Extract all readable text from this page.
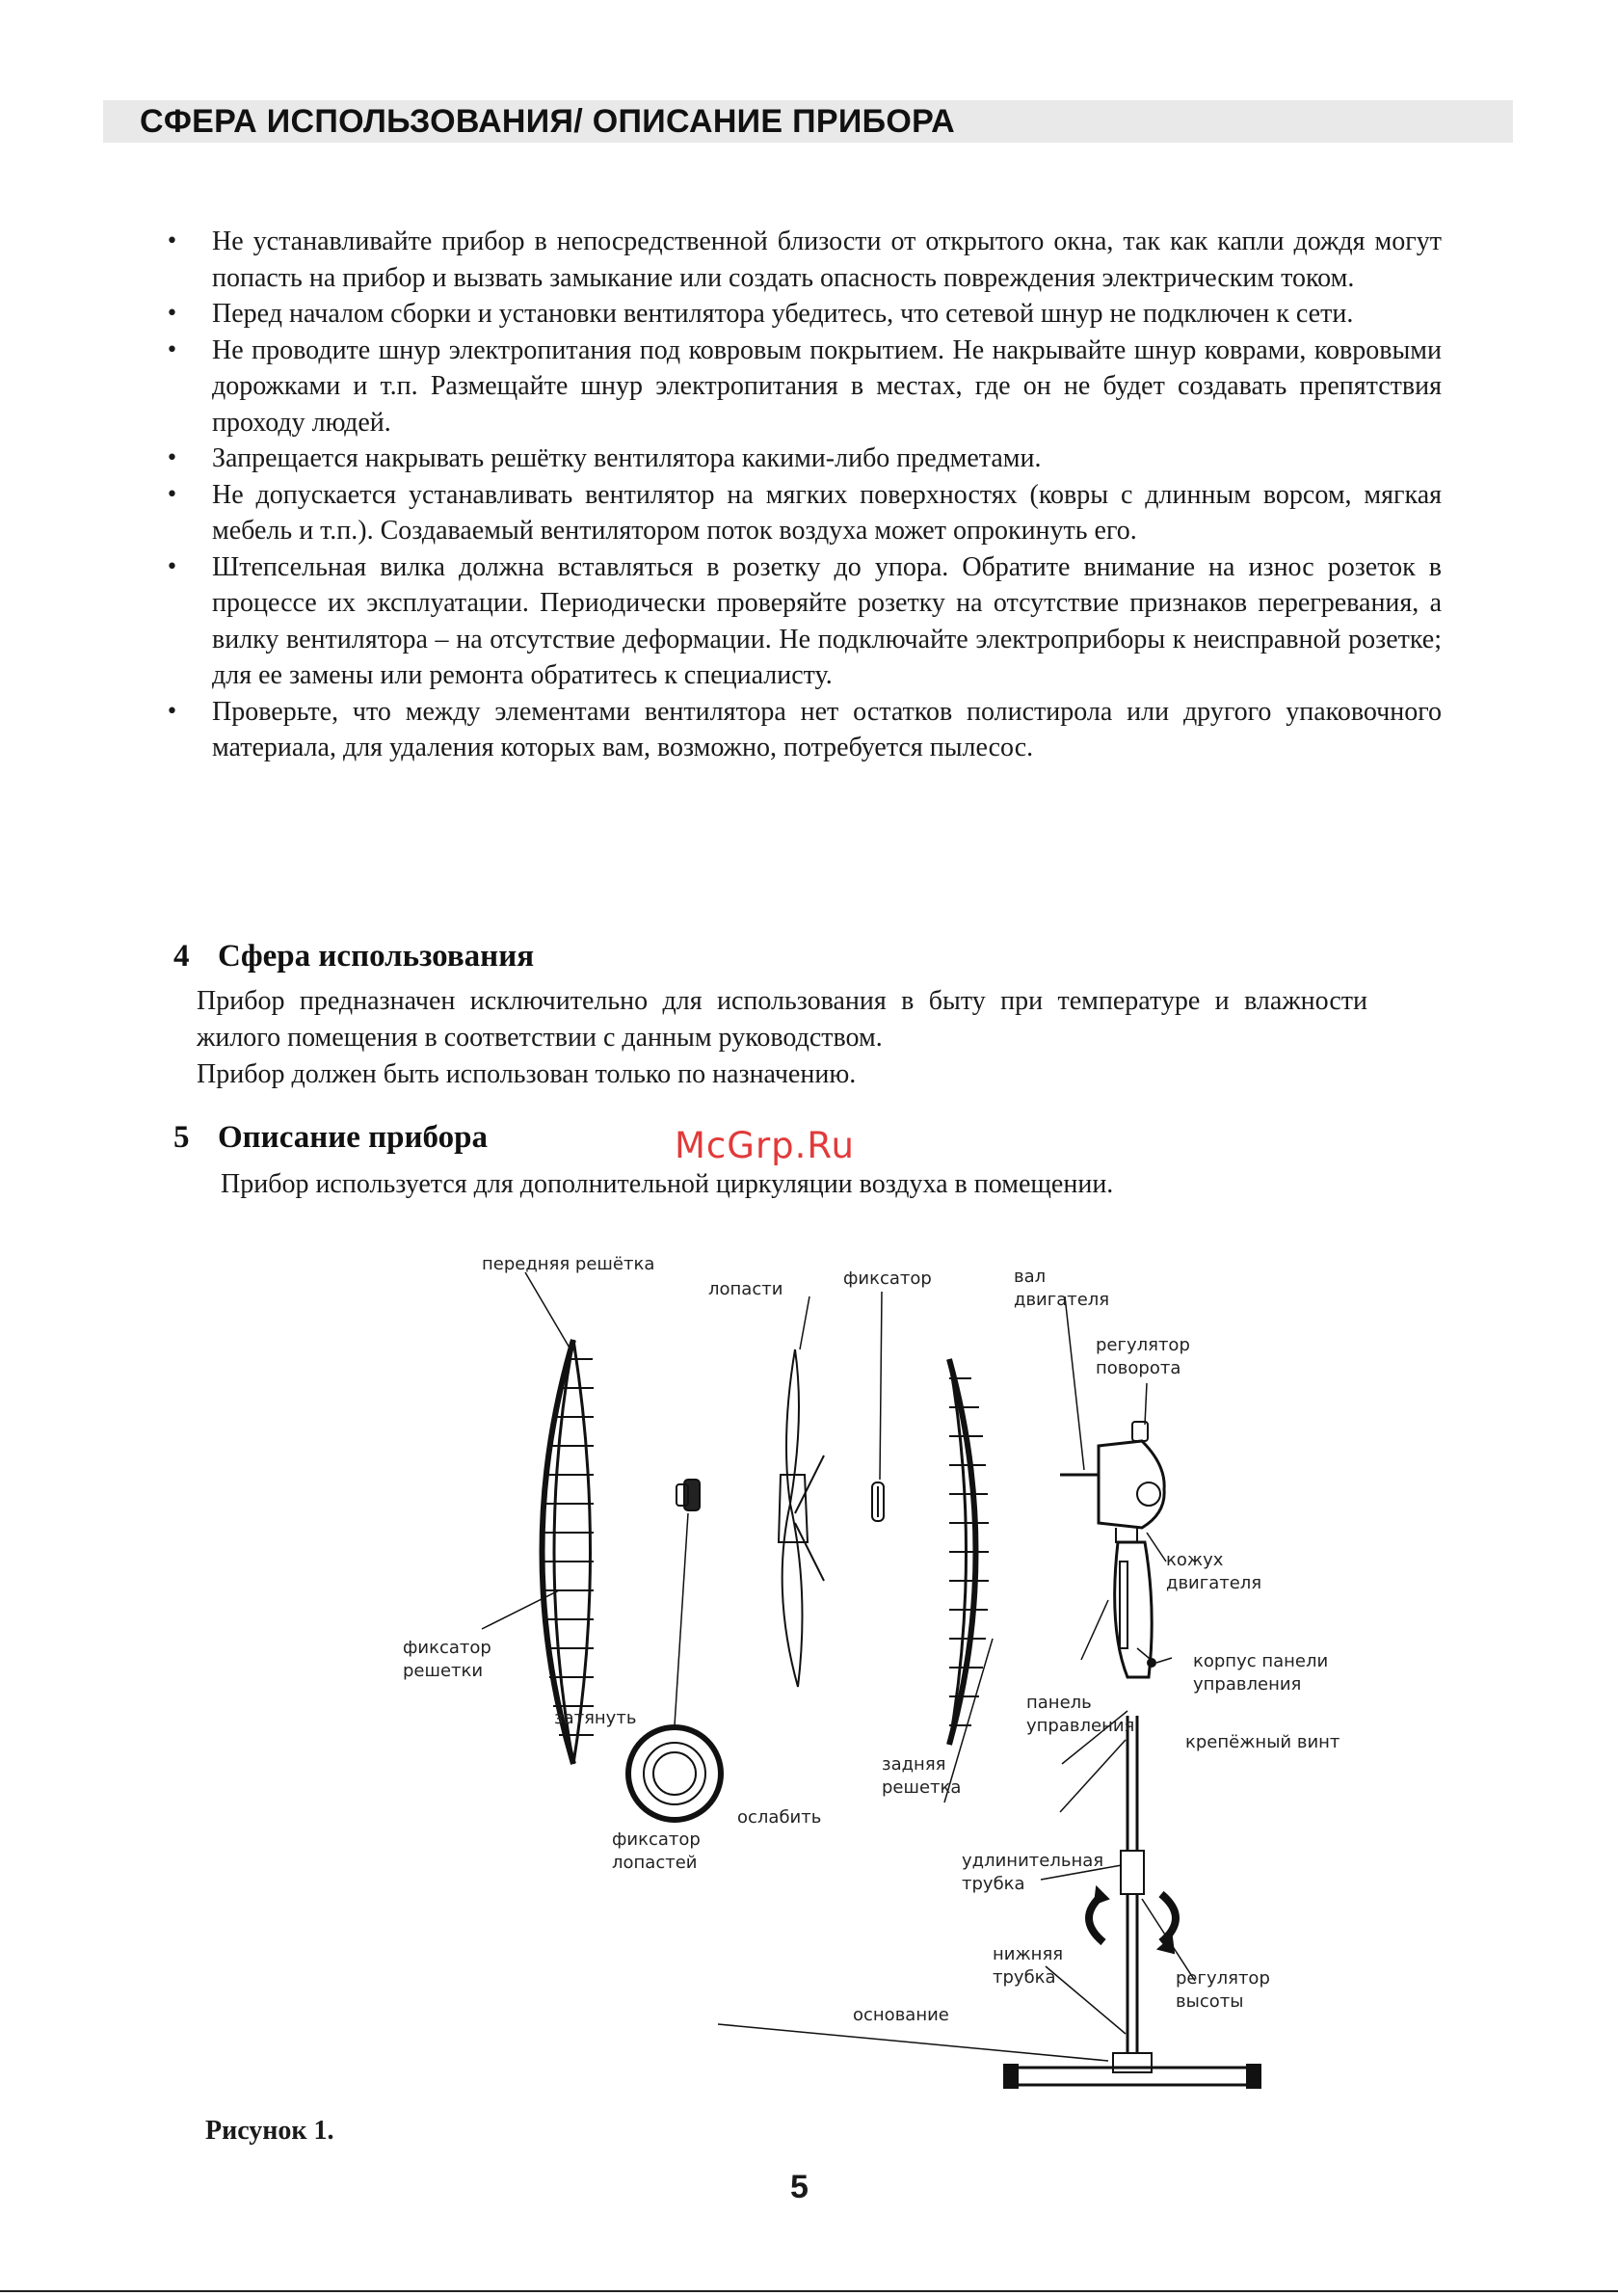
СФЕРА ИСПОЛЬЗОВАНИЯ/ ОПИСАНИЕ ПРИБОРА
• Не устанавливайте прибор в непосредственной близости от открытого окна, так как капли дождя могут попасть на прибор и вызвать замыкание или создать опасность повреждения электрическим током.
• Перед началом сборки и установки вентилятора убедитесь, что сетевой шнур не подключен к сети.
• Не проводите шнур электропитания под ковровым покрытием. Не накрывайте шнур коврами, ковровыми дорожками и т.п. Размещайте шнур электропитания в местах, где он не будет создавать препятствия проходу людей.
• Запрещается накрывать решётку вентилятора какими-либо предметами.
• Не допускается устанавливать вентилятор на мягких поверхностях (ковры с длинным ворсом, мягкая мебель и т.п.). Создаваемый вентилятором поток воздуха может опрокинуть его.
• Штепсельная вилка должна вставляться в розетку до упора. Обратите внимание на износ розеток в процессе их эксплуатации. Периодически проверяйте розетку на отсутствие признаков перегревания, а вилку вентилятора – на отсутствие деформации. Не подключайте электроприборы к неисправной розетке; для ее замены или ремонта обратитесь к специалисту.
• Проверьте, что между элементами вентилятора нет остатков полистирола или другого упаковочного материала, для удаления которых вам, возможно, потребуется пылесос.
4 Сфера использования
Прибор предназначен исключительно для использования в быту при температуре и влажности жилого помещения в соответствии с данным руководством.
Прибор должен быть использован только по назначению.
5 Описание прибора	McGrp.Ru
Прибор используется для дополнительной циркуляции воздуха в помещении.
передняя решётка
лопасти
фиксатор	вал
двигателя
регулятор
поворота
кожух
двигателя
фиксатор
решетки	корпус панели
управления
панель
управления
затянуть
задняя
решетка
крепёжный винт
ослабить
фиксатор
лопастей	удлинительная
трубка
нижняя
трубка	регулятор
высоты
основание
Рисунок 1.
5
